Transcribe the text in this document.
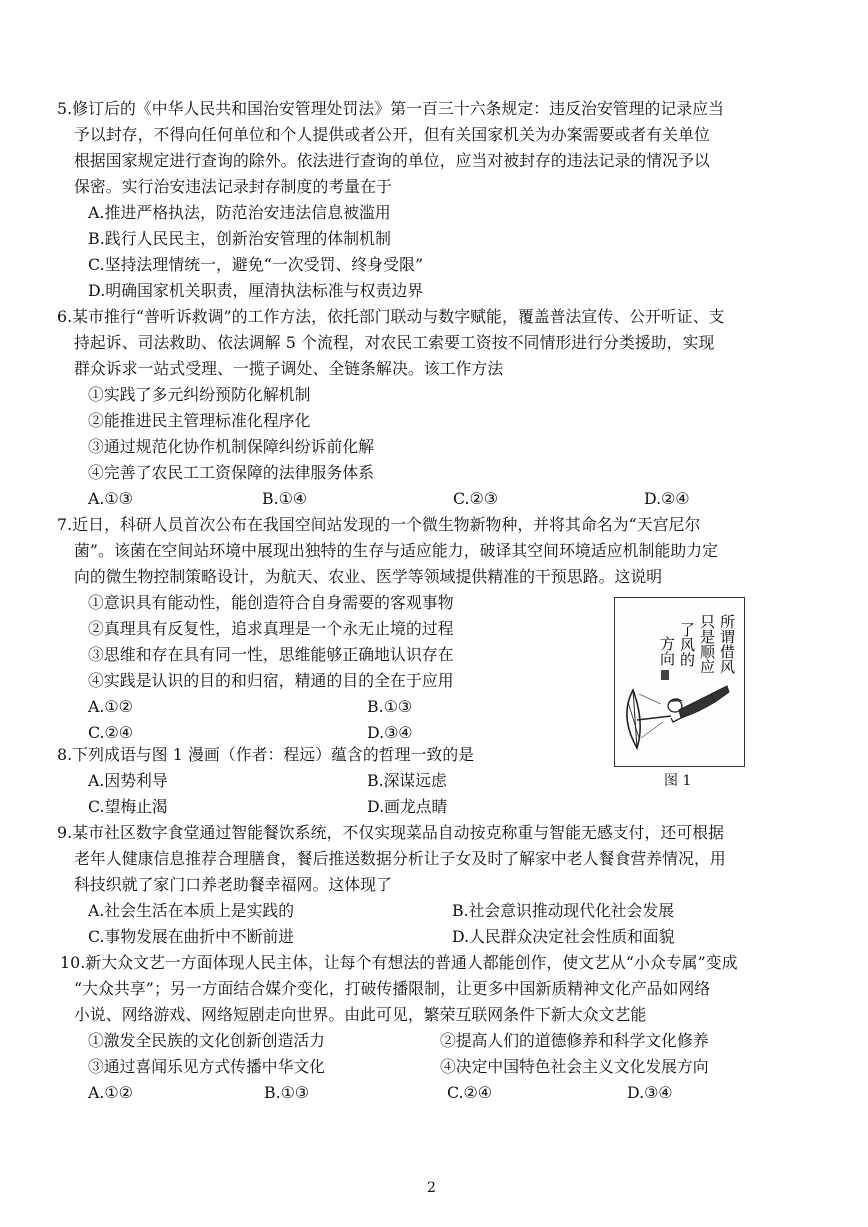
5.修订后的《中华人民共和国治安管理处罚法》第一百三十六条规定：违反治安管理的记录应当
予以封存，不得向任何单位和个人提供或者公开，但有关国家机关为办案需要或者有关单位
根据国家规定进行查询的除外。依法进行查询的单位，应当对被封存的违法记录的情况予以
保密。实行治安违法记录封存制度的考量在于
A.推进严格执法，防范治安违法信息被滥用
B.践行人民民主，创新治安管理的体制机制
C.坚持法理情统一，避免“一次受罚、终身受限”
D.明确国家机关职责，厘清执法标准与权责边界
6.某市推行“普听诉救调”的工作方法，依托部门联动与数字赋能，覆盖普法宣传、公开听证、支
持起诉、司法救助、依法调解 5 个流程，对农民工索要工资按不同情形进行分类援助，实现
群众诉求一站式受理、一揽子调处、全链条解决。该工作方法
①实践了多元纠纷预防化解机制
②能推进民主管理标准化程序化
③通过规范化协作机制保障纠纷诉前化解
④完善了农民工工资保障的法律服务体系
A.①③	B.①④	C.②③	D.②④
7.近日，科研人员首次公布在我国空间站发现的一个微生物新物种，并将其命名为“天宫尼尔
菌”。该菌在空间站环境中展现出独特的生存与适应能力，破译其空间环境适应机制能助力定
向的微生物控制策略设计，为航天、农业、医学等领域提供精准的干预思路。这说明
①意识具有能动性，能创造符合自身需要的客观事物
②真理具有反复性，追求真理是一个永无止境的过程
③思维和存在具有同一性，思维能够正确地认识存在
④实践是认识的目的和归宿，精通的目的全在于应用
A.①②	B.①③
C.②④	D.③④
所谓借风
只是顺应
了风的
方向
图 1
8.下列成语与图 1 漫画（作者：程远）蕴含的哲理一致的是
A.因势利导	B.深谋远虑
C.望梅止渴	D.画龙点睛
9.某市社区数字食堂通过智能餐饮系统，不仅实现菜品自动按克称重与智能无感支付，还可根据
老年人健康信息推荐合理膳食，餐后推送数据分析让子女及时了解家中老人餐食营养情况，用
科技织就了家门口养老助餐幸福网。这体现了
A.社会生活在本质上是实践的	B.社会意识推动现代化社会发展
C.事物发展在曲折中不断前进	D.人民群众决定社会性质和面貌
10.新大众文艺一方面体现人民主体，让每个有想法的普通人都能创作，使文艺从“小众专属”变成
“大众共享”；另一方面结合媒介变化，打破传播限制，让更多中国新质精神文化产品如网络
小说、网络游戏、网络短剧走向世界。由此可见，繁荣互联网条件下新大众文艺能
①激发全民族的文化创新创造活力	②提高人们的道德修养和科学文化修养
③通过喜闻乐见方式传播中华文化	④决定中国特色社会主义文化发展方向
A.①②	B.①③	C.②④	D.③④
2
